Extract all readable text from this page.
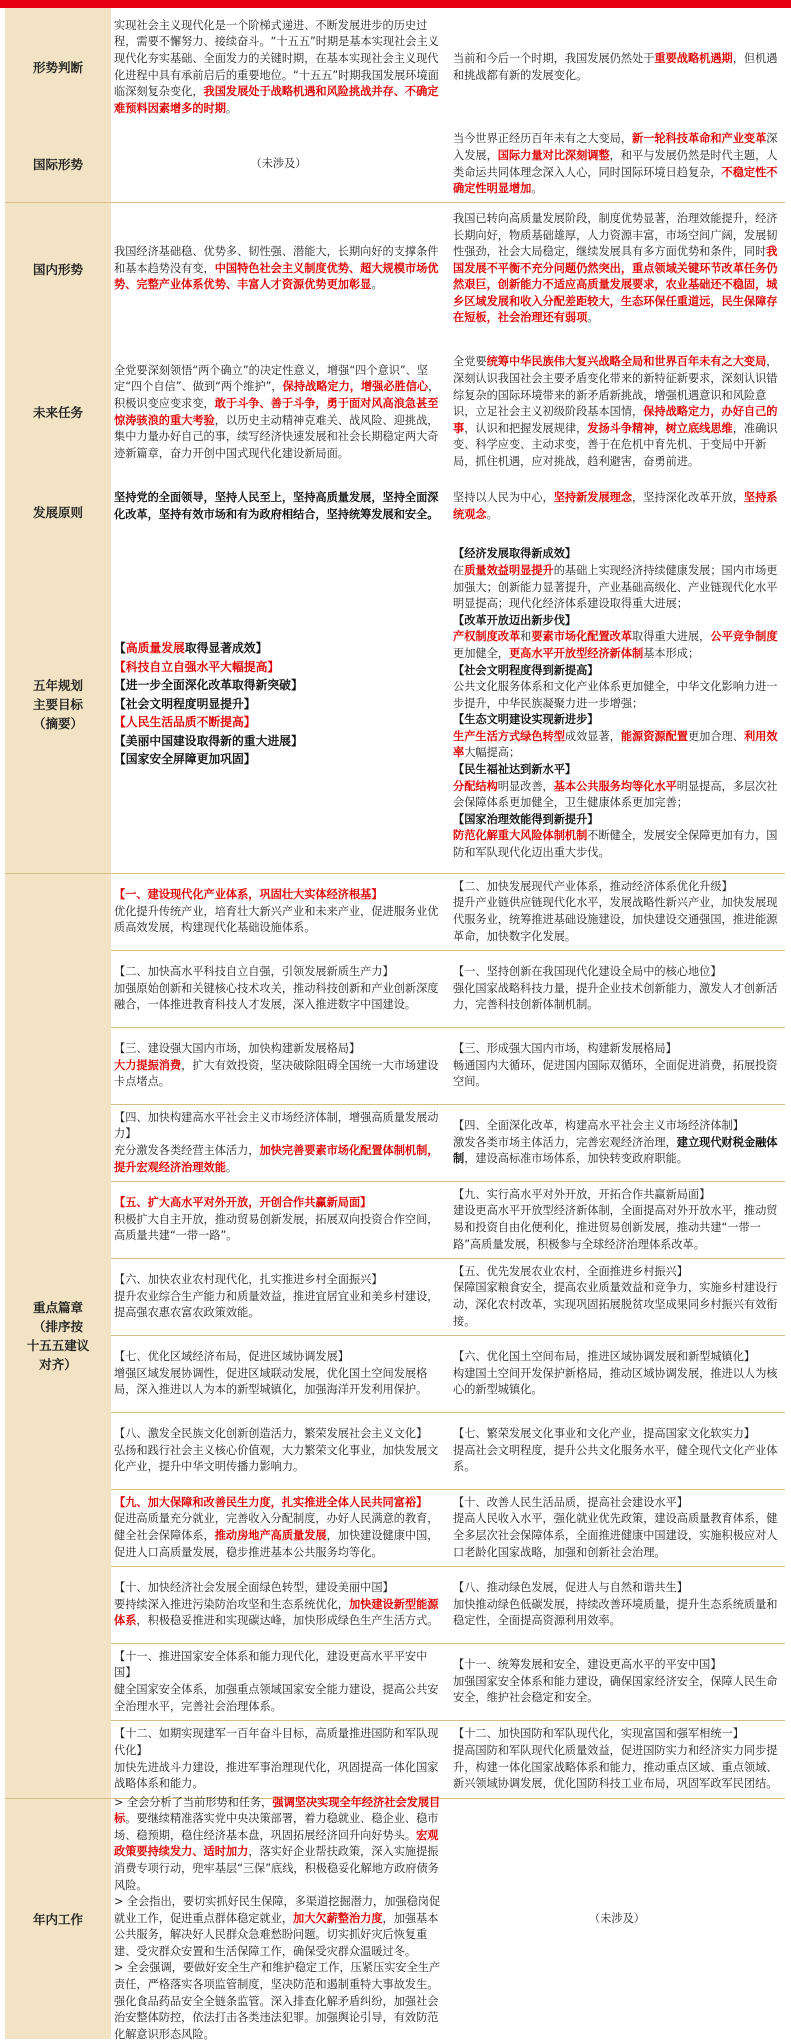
形势判断
实现社会主义现代化是一个阶梯式递进、不断发展进步的历史过程，需要不懈努力、接续奋斗。“十五五”时期是基本实现社会主义现代化夯实基础、全面发力的关键时期，在基本实现社会主义现代化进程中具有承前启后的重要地位。“十五五”时期我国发展环境面临深刻复杂变化，我国发展处于战略机遇和风险挑战并存、不确定难预料因素增多的时期。
当前和今后一个时期，我国发展仍然处于重要战略机遇期，但机遇和挑战都有新的发展变化。
国际形势	（未涉及）
当今世界正经历百年未有之大变局，新一轮科技革命和产业变革深入发展，国际力量对比深刻调整，和平与发展仍然是时代主题，人类命运共同体理念深入人心，同时国际环境日趋复杂，不稳定性不确定性明显增加。
国内形势
我国经济基础稳、优势多、韧性强、潜能大，长期向好的支撑条件和基本趋势没有变，中国特色社会主义制度优势、超大规模市场优势、完整产业体系优势、丰富人才资源优势更加彰显。
我国已转向高质量发展阶段，制度优势显著，治理效能提升，经济长期向好，物质基础雄厚，人力资源丰富，市场空间广阔，发展韧性强劲，社会大局稳定，继续发展具有多方面优势和条件，同时我国发展不平衡不充分问题仍然突出，重点领域关键环节改革任务仍然艰巨，创新能力不适应高质量发展要求，农业基础还不稳固，城乡区域发展和收入分配差距较大，生态环保任重道远，民生保障存在短板，社会治理还有弱项。
未来任务
全党要深刻领悟“两个确立”的决定性意义，增强“四个意识”、坚定“四个自信”、做到“两个维护”，保持战略定力，增强必胜信心，积极识变应变求变，敢于斗争、善于斗争，勇于面对风高浪急甚至惊涛骇浪的重大考验，以历史主动精神克难关、战风险、迎挑战，集中力量办好自己的事，续写经济快速发展和社会长期稳定两大奇迹新篇章，奋力开创中国式现代化建设新局面。
全党要统筹中华民族伟大复兴战略全局和世界百年未有之大变局，深刻认识我国社会主要矛盾变化带来的新特征新要求，深刻认识错综复杂的国际环境带来的新矛盾新挑战，增强机遇意识和风险意识，立足社会主义初级阶段基本国情，保持战略定力，办好自己的事，认识和把握发展规律，发扬斗争精神，树立底线思维，准确识变、科学应变、主动求变，善于在危机中育先机、于变局中开新局，抓住机遇，应对挑战，趋利避害，奋勇前进。
发展原则
坚持党的全面领导，坚持人民至上，坚持高质量发展，坚持全面深化改革，坚持有效市场和有为政府相结合，坚持统筹发展和安全。
坚持以人民为中心，坚持新发展理念，坚持深化改革开放，坚持系统观念。
五年规划
主要目标
（摘要）
【高质量发展取得显著成效】
【科技自立自强水平大幅提高】
【进一步全面深化改革取得新突破】
【社会文明程度明显提升】
【人民生活品质不断提高】
【美丽中国建设取得新的重大进展】
【国家安全屏障更加巩固】
【经济发展取得新成效】
在质量效益明显提升的基础上实现经济持续健康发展；国内市场更加强大；创新能力显著提升，产业基础高级化、产业链现代化水平明显提高；现代化经济体系建设取得重大进展；
【改革开放迈出新步伐】
产权制度改革和要素市场化配置改革取得重大进展，公平竞争制度更加健全，更高水平开放型经济新体制基本形成；
【社会文明程度得到新提高】
公共文化服务体系和文化产业体系更加健全，中华文化影响力进一步提升，中华民族凝聚力进一步增强；
【生态文明建设实现新进步】
生产生活方式绿色转型成效显著，能源资源配置更加合理、利用效率大幅提高；
【民生福祉达到新水平】
分配结构明显改善，基本公共服务均等化水平明显提高，多层次社会保障体系更加健全，卫生健康体系更加完善；
【国家治理效能得到新提升】
防范化解重大风险体制机制不断健全，发展安全保障更加有力，国防和军队现代化迈出重大步伐。
重点篇章
（排序按
十五五建议
对齐）
【一、建设现代化产业体系，巩固壮大实体经济根基】
优化提升传统产业，培育壮大新兴产业和未来产业，促进服务业优质高效发展，构建现代化基础设施体系。
【二、加快发展现代产业体系，推动经济体系优化升级】
提升产业链供应链现代化水平，发展战略性新兴产业，加快发展现代服务业，统筹推进基础设施建设，加快建设交通强国，推进能源革命，加快数字化发展。
【二、加快高水平科技自立自强，引领发展新质生产力】
加强原始创新和关键核心技术攻关，推动科技创新和产业创新深度融合，一体推进教育科技人才发展，深入推进数字中国建设。
【一、坚持创新在我国现代化建设全局中的核心地位】
强化国家战略科技力量，提升企业技术创新能力，激发人才创新活力，完善科技创新体制机制。
【三、建设强大国内市场，加快构建新发展格局】
大力提振消费，扩大有效投资，坚决破除阻碍全国统一大市场建设卡点堵点。
【三、形成强大国内市场，构建新发展格局】
畅通国内大循环，促进国内国际双循环，全面促进消费，拓展投资空间。
【四、加快构建高水平社会主义市场经济体制，增强高质量发展动力】
充分激发各类经营主体活力，加快完善要素市场化配置体制机制，提升宏观经济治理效能。
【四、全面深化改革，构建高水平社会主义市场经济体制】
激发各类市场主体活力，完善宏观经济治理，建立现代财税金融体制，建设高标准市场体系，加快转变政府职能。
【五、扩大高水平对外开放，开创合作共赢新局面】
积极扩大自主开放，推动贸易创新发展，拓展双向投资合作空间，高质量共建“一带一路”。
【九、实行高水平对外开放，开拓合作共赢新局面】
建设更高水平开放型经济新体制，全面提高对外开放水平，推动贸易和投资自由化便利化，推进贸易创新发展，推动共建“一带一路”高质量发展，积极参与全球经济治理体系改革。
【六、加快农业农村现代化，扎实推进乡村全面振兴】
提升农业综合生产能力和质量效益，推进宜居宜业和美乡村建设，提高强农惠农富农政策效能。
【五、优先发展农业农村，全面推进乡村振兴】
保障国家粮食安全，提高农业质量效益和竞争力，实施乡村建设行动，深化农村改革，实现巩固拓展脱贫攻坚成果同乡村振兴有效衔接。
【七、优化区域经济布局，促进区域协调发展】
增强区域发展协调性，促进区域联动发展，优化国土空间发展格局，深入推进以人为本的新型城镇化，加强海洋开发利用保护。
【六、优化国土空间布局，推进区域协调发展和新型城镇化】
构建国土空间开发保护新格局，推动区域协调发展，推进以人为核心的新型城镇化。
【八、激发全民族文化创新创造活力，繁荣发展社会主义文化】
弘扬和践行社会主义核心价值观，大力繁荣文化事业，加快发展文化产业，提升中华文明传播力影响力。
【七、繁荣发展文化事业和文化产业，提高国家文化软实力】
提高社会文明程度，提升公共文化服务水平，健全现代文化产业体系。
【九、加大保障和改善民生力度，扎实推进全体人民共同富裕】
促进高质量充分就业，完善收入分配制度，办好人民满意的教育，健全社会保障体系，推动房地产高质量发展，加快建设健康中国，促进人口高质量发展，稳步推进基本公共服务均等化。
【十、改善人民生活品质，提高社会建设水平】
提高人民收入水平，强化就业优先政策，建设高质量教育体系，健全多层次社会保障体系，全面推进健康中国建设，实施积极应对人口老龄化国家战略，加强和创新社会治理。
【十、加快经济社会发展全面绿色转型，建设美丽中国】
要持续深入推进污染防治攻坚和生态系统优化，加快建设新型能源体系，积极稳妥推进和实现碳达峰，加快形成绿色生产生活方式。
【八、推动绿色发展，促进人与自然和谐共生】
加快推动绿色低碳发展，持续改善环境质量，提升生态系统质量和稳定性，全面提高资源利用效率。
【十一、推进国家安全体系和能力现代化，建设更高水平平安中国】
健全国家安全体系，加强重点领域国家安全能力建设，提高公共安全治理水平，完善社会治理体系。
【十一、统筹发展和安全，建设更高水平的平安中国】
加强国家安全体系和能力建设，确保国家经济安全，保障人民生命安全，维护社会稳定和安全。
【十二、如期实现建军一百年奋斗目标，高质量推进国防和军队现代化】
加快先进战斗力建设，推进军事治理现代化，巩固提高一体化国家战略体系和能力。
【十二、加快国防和军队现代化，实现富国和强军相统一】
提高国防和军队现代化质量效益，促进国防实力和经济实力同步提升，构建一体化国家战略体系和能力，推动重点区域、重点领域、新兴领域协调发展，优化国防科技工业布局，巩固军政军民团结。
年内工作
> 全会分析了当前形势和任务，强调坚决实现全年经济社会发展目标。要继续精准落实党中央决策部署，着力稳就业、稳企业、稳市场、稳预期，稳住经济基本盘，巩固拓展经济回升向好势头。宏观政策要持续发力、适时加力，落实好企业帮扶政策，深入实施提振消费专项行动，兜牢基层“三保”底线，积极稳妥化解地方政府债务风险。
> 全会指出，要切实抓好民生保障，多渠道挖掘潜力，加强稳岗促就业工作，促进重点群体稳定就业，加大欠薪整治力度，加强基本公共服务，解决好人民群众急难愁盼问题。切实抓好灾后恢复重建、受灾群众安置和生活保障工作，确保受灾群众温暖过冬。
> 全会强调，要做好安全生产和维护稳定工作，压紧压实安全生产责任，严格落实各项监管制度，坚决防范和遏制重特大事故发生。强化食品药品安全全链条监管。深入排查化解矛盾纠纷，加强社会治安整体防控，依法打击各类违法犯罪。加强舆论引导，有效防范化解意识形态风险。
（未涉及）
